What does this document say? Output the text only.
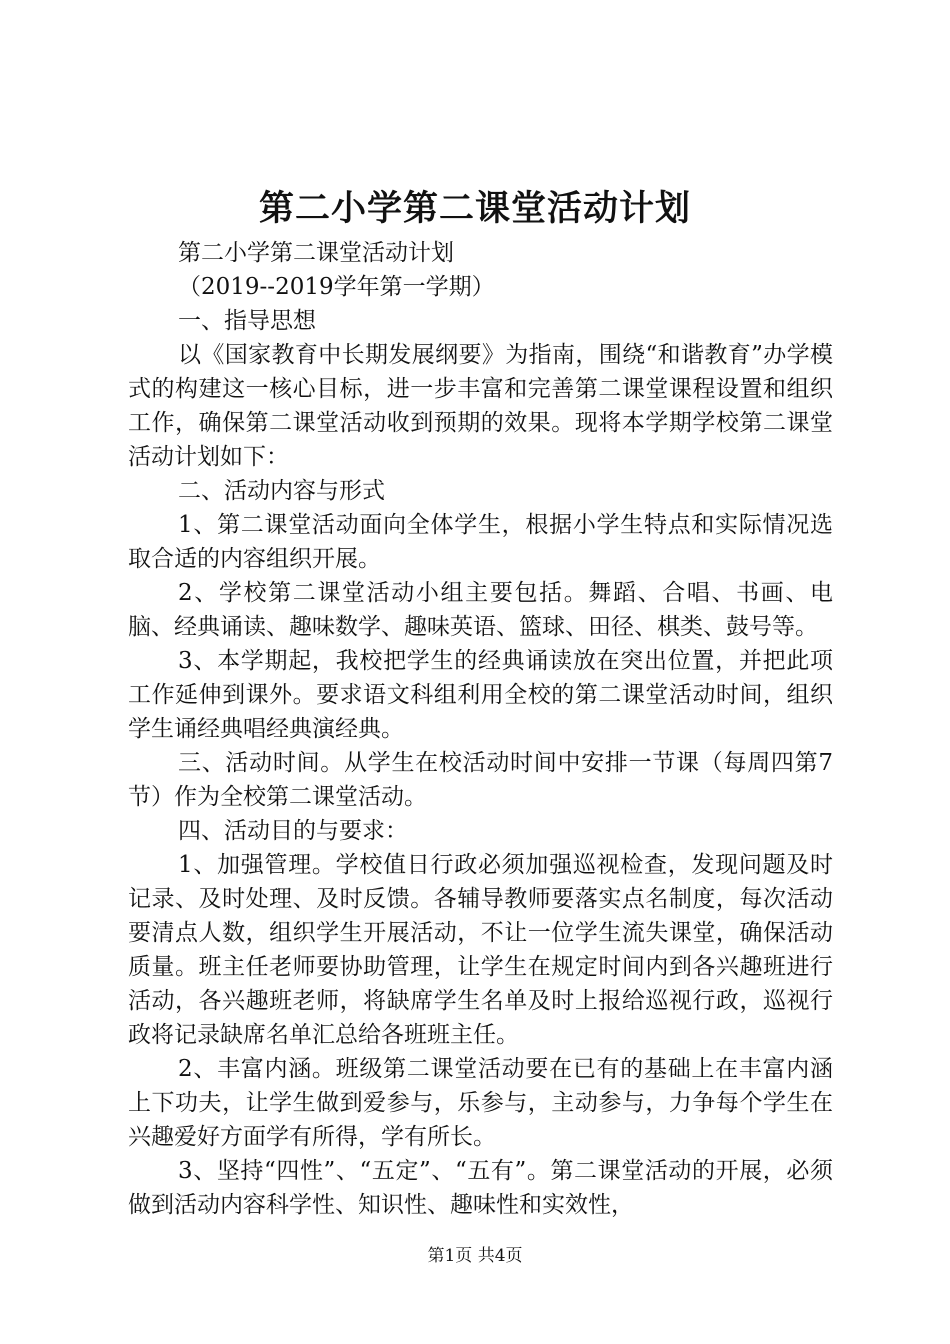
第二小学第二课堂活动计划

第二小学第二课堂活动计划

（2019--2019学年第一学期）

一、指导思想

以《国家教育中长期发展纲要》为指南，围绕“和谐教育”办学模式的构建这一核心目标，进一步丰富和完善第二课堂课程设置和组织工作，确保第二课堂活动收到预期的效果。现将本学期学校第二课堂活动计划如下：

二、活动内容与形式

1、第二课堂活动面向全体学生，根据小学生特点和实际情况选取合适的内容组织开展。

2、学校第二课堂活动小组主要包括。舞蹈、合唱、书画、电脑、经典诵读、趣味数学、趣味英语、篮球、田径、棋类、鼓号等。

3、本学期起，我校把学生的经典诵读放在突出位置，并把此项工作延伸到课外。要求语文科组利用全校的第二课堂活动时间，组织学生诵经典唱经典演经典。

三、活动时间。从学生在校活动时间中安排一节课（每周四第7节）作为全校第二课堂活动。

四、活动目的与要求：

1、加强管理。学校值日行政必须加强巡视检查，发现问题及时记录、及时处理、及时反馈。各辅导教师要落实点名制度，每次活动要清点人数，组织学生开展活动，不让一位学生流失课堂，确保活动质量。班主任老师要协助管理，让学生在规定时间内到各兴趣班进行活动，各兴趣班老师，将缺席学生名单及时上报给巡视行政，巡视行政将记录缺席名单汇总给各班班主任。

2、丰富内涵。班级第二课堂活动要在已有的基础上在丰富内涵上下功夫，让学生做到爱参与，乐参与，主动参与，力争每个学生在兴趣爱好方面学有所得，学有所长。

3、坚持“四性”、“五定”、“五有”。第二课堂活动的开展，必须做到活动内容科学性、知识性、趣味性和实效性，

第1页 共4页
